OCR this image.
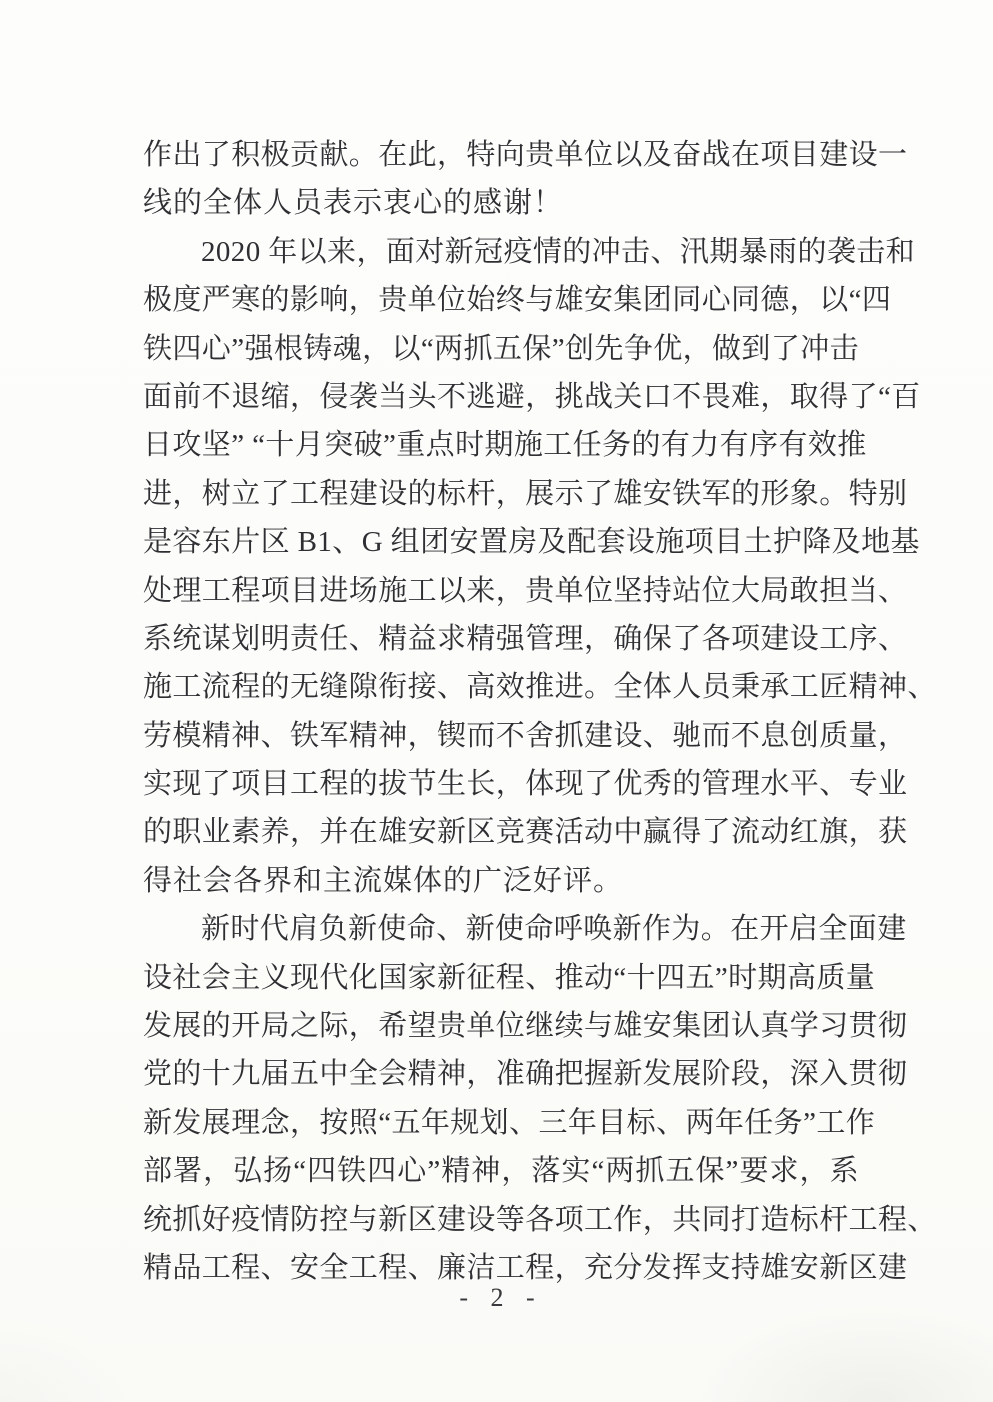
作出了积极贡献。在此，特向贵单位以及奋战在项目建设一
线的全体人员表示衷心的感谢！
2020 年以来，面对新冠疫情的冲击、汛期暴雨的袭击和
极度严寒的影响，贵单位始终与雄安集团同心同德，以“四
铁四心”强根铸魂，以“两抓五保”创先争优，做到了冲击
面前不退缩，侵袭当头不逃避，挑战关口不畏难，取得了“百
日攻坚” “十月突破”重点时期施工任务的有力有序有效推
进，树立了工程建设的标杆，展示了雄安铁军的形象。特别
是容东片区 B1、G 组团安置房及配套设施项目土护降及地基
处理工程项目进场施工以来，贵单位坚持站位大局敢担当、
系统谋划明责任、精益求精强管理，确保了各项建设工序、
施工流程的无缝隙衔接、高效推进。全体人员秉承工匠精神、
劳模精神、铁军精神，锲而不舍抓建设、驰而不息创质量，
实现了项目工程的拔节生长，体现了优秀的管理水平、专业
的职业素养，并在雄安新区竞赛活动中赢得了流动红旗，获
得社会各界和主流媒体的广泛好评。
新时代肩负新使命、新使命呼唤新作为。在开启全面建
设社会主义现代化国家新征程、推动“十四五”时期高质量
发展的开局之际，希望贵单位继续与雄安集团认真学习贯彻
党的十九届五中全会精神，准确把握新发展阶段，深入贯彻
新发展理念，按照“五年规划、三年目标、两年任务”工作
部署，弘扬“四铁四心”精神，落实“两抓五保”要求，系
统抓好疫情防控与新区建设等各项工作，共同打造标杆工程、
精品工程、安全工程、廉洁工程，充分发挥支持雄安新区建
- 2 -
